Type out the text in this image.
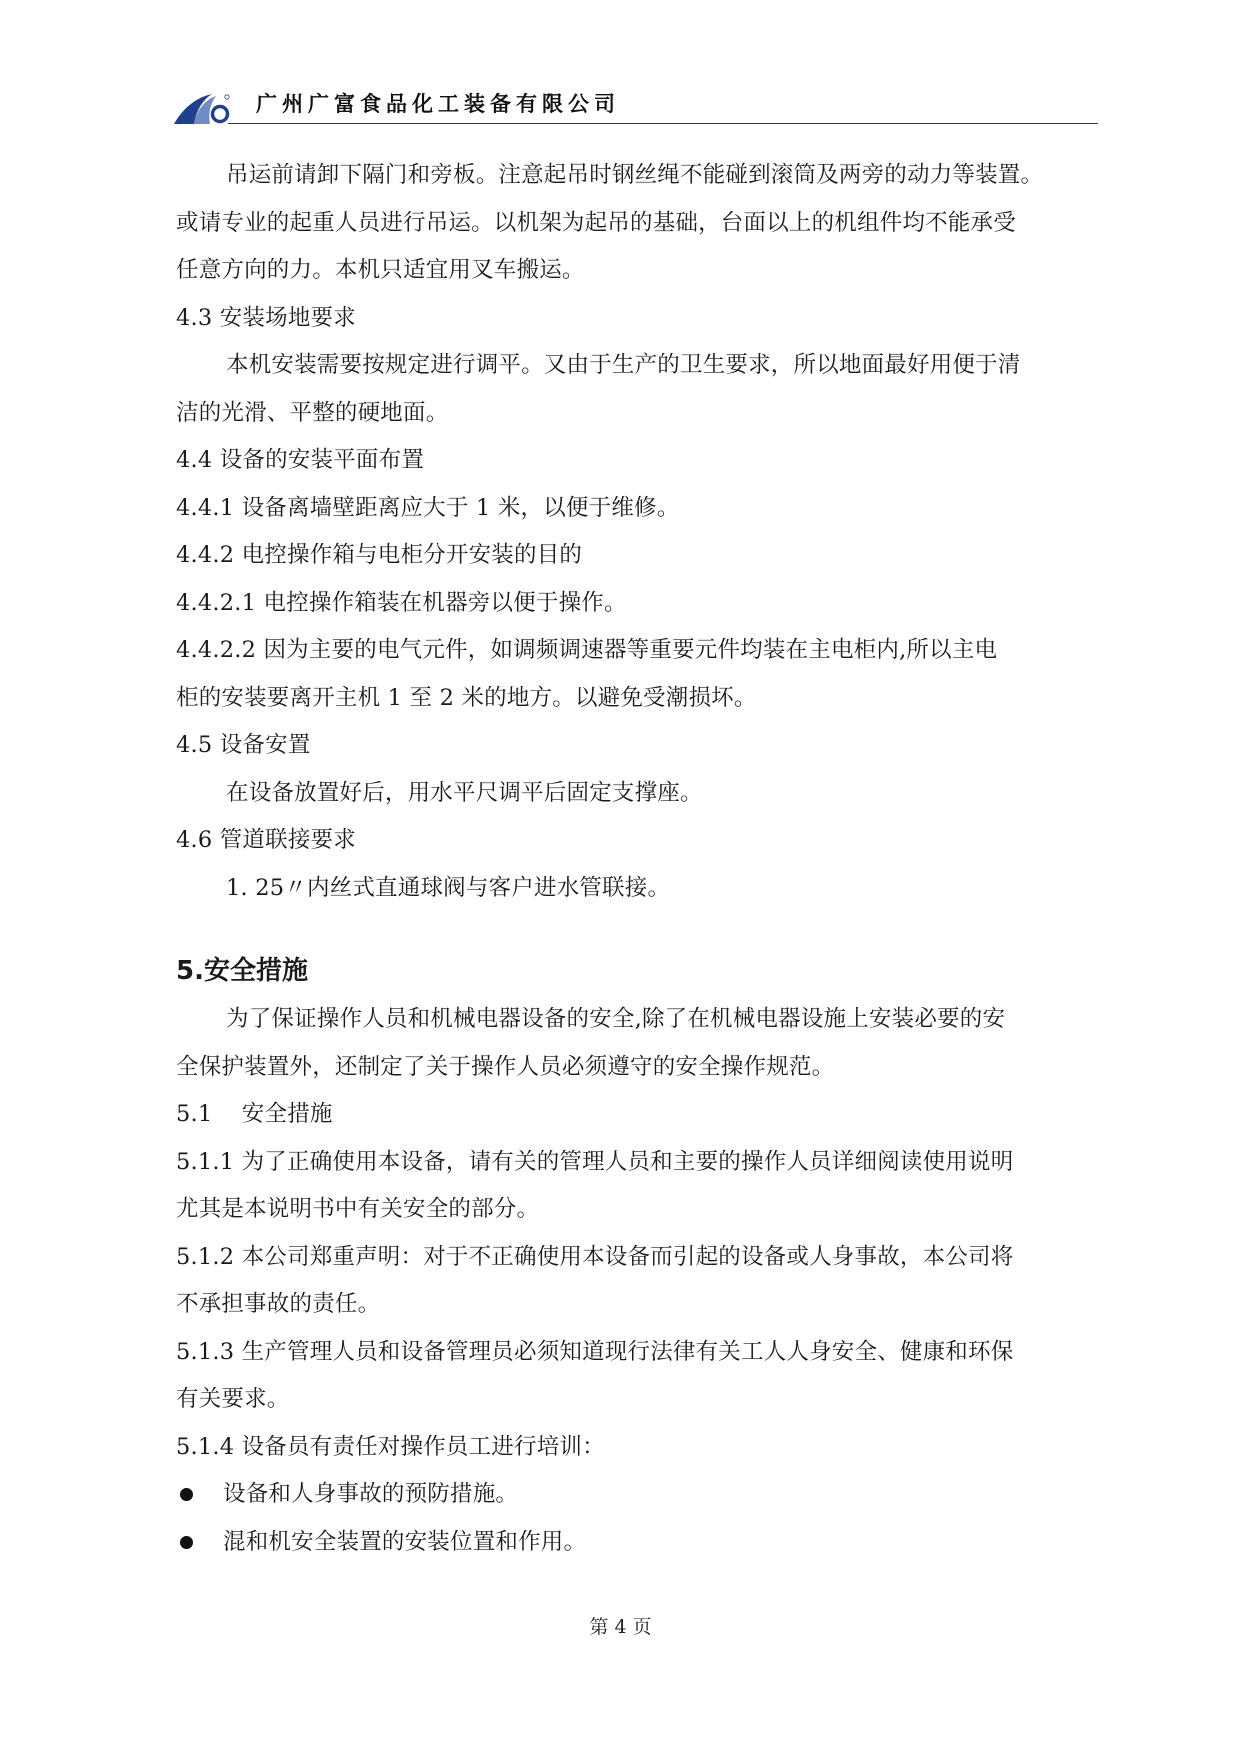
广州广富食品化工装备有限公司
吊运前请卸下隔门和旁板。注意起吊时钢丝绳不能碰到滚筒及两旁的动力等装置。
或请专业的起重人员进行吊运。以机架为起吊的基础，台面以上的机组件均不能承受
任意方向的力。本机只适宜用叉车搬运。
4.3 安装场地要求
本机安装需要按规定进行调平。又由于生产的卫生要求，所以地面最好用便于清
洁的光滑、平整的硬地面。
4.4 设备的安装平面布置
4.4.1 设备离墙壁距离应大于 1 米，以便于维修。
4.4.2 电控操作箱与电柜分开安装的目的
4.4.2.1 电控操作箱装在机器旁以便于操作。
4.4.2.2 因为主要的电气元件，如调频调速器等重要元件均装在主电柜内,所以主电
柜的安装要离开主机 1 至 2 米的地方。以避免受潮损坏。
4.5 设备安置
在设备放置好后，用水平尺调平后固定支撑座。
4.6 管道联接要求
1. 25〃内丝式直通球阀与客户进水管联接。
5.安全措施
为了保证操作人员和机械电器设备的安全,除了在机械电器设施上安装必要的安
全保护装置外，还制定了关于操作人员必须遵守的安全操作规范。
5.1    安全措施
5.1.1 为了正确使用本设备，请有关的管理人员和主要的操作人员详细阅读使用说明
尤其是本说明书中有关安全的部分。
5.1.2 本公司郑重声明：对于不正确使用本设备而引起的设备或人身事故，本公司将
不承担事故的责任。
5.1.3 生产管理人员和设备管理员必须知道现行法律有关工人人身安全、健康和环保
有关要求。
5.1.4 设备员有责任对操作员工进行培训：
设备和人身事故的预防措施。
混和机安全装置的安装位置和作用。
第 4 页
